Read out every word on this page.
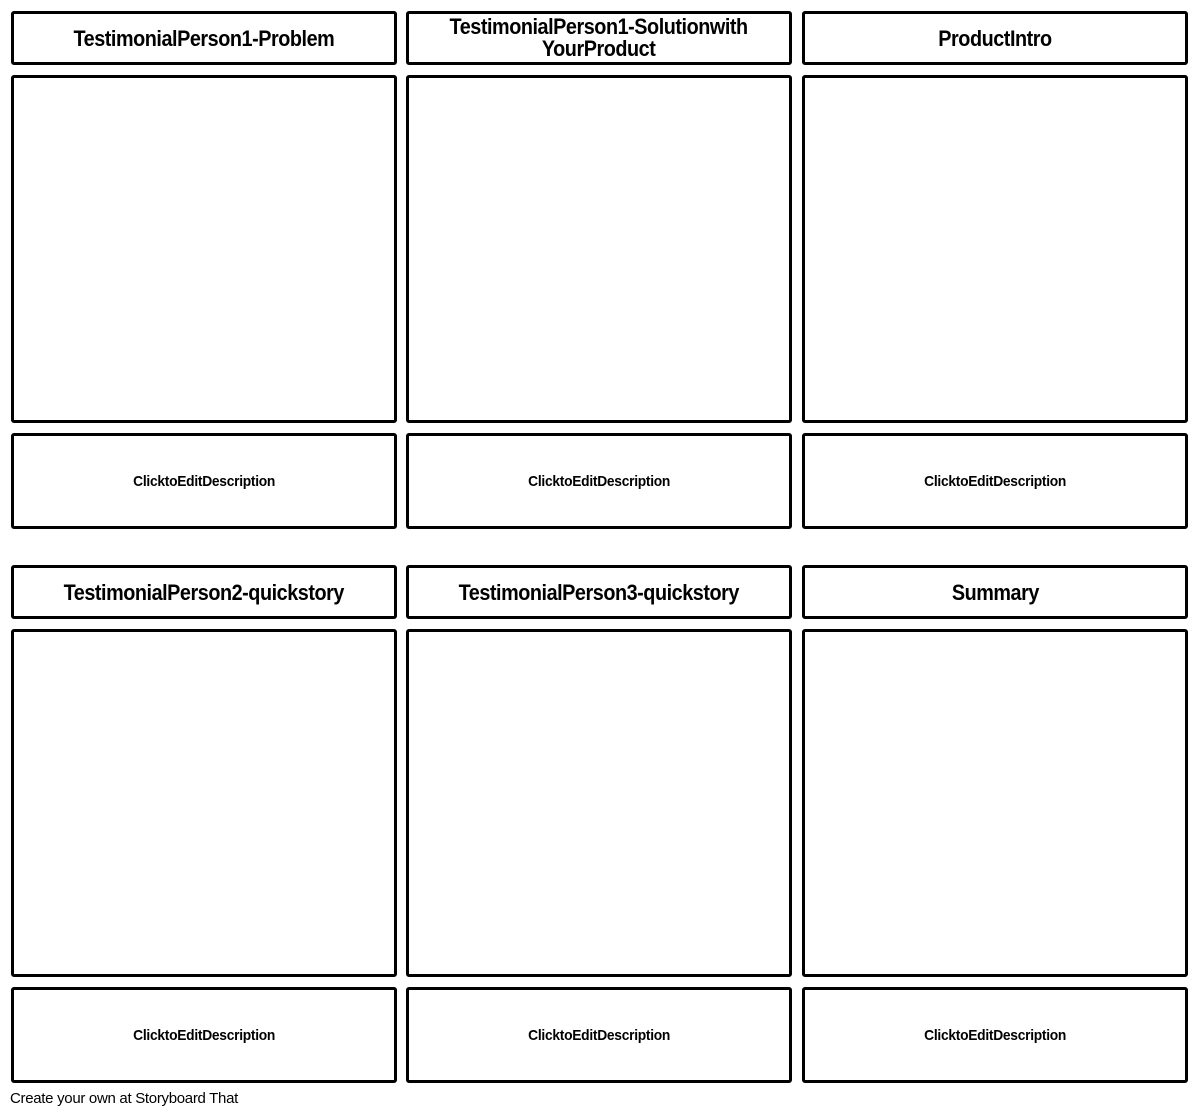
TestimonialPerson1-Problem
ClicktoEditDescription
TestimonialPerson1-Solutionwith
YourProduct
ClicktoEditDescription
ProductIntro
ClicktoEditDescription
TestimonialPerson2-quickstory
ClicktoEditDescription
TestimonialPerson3-quickstory
ClicktoEditDescription
Summary
ClicktoEditDescription
Create your own at Storyboard That
